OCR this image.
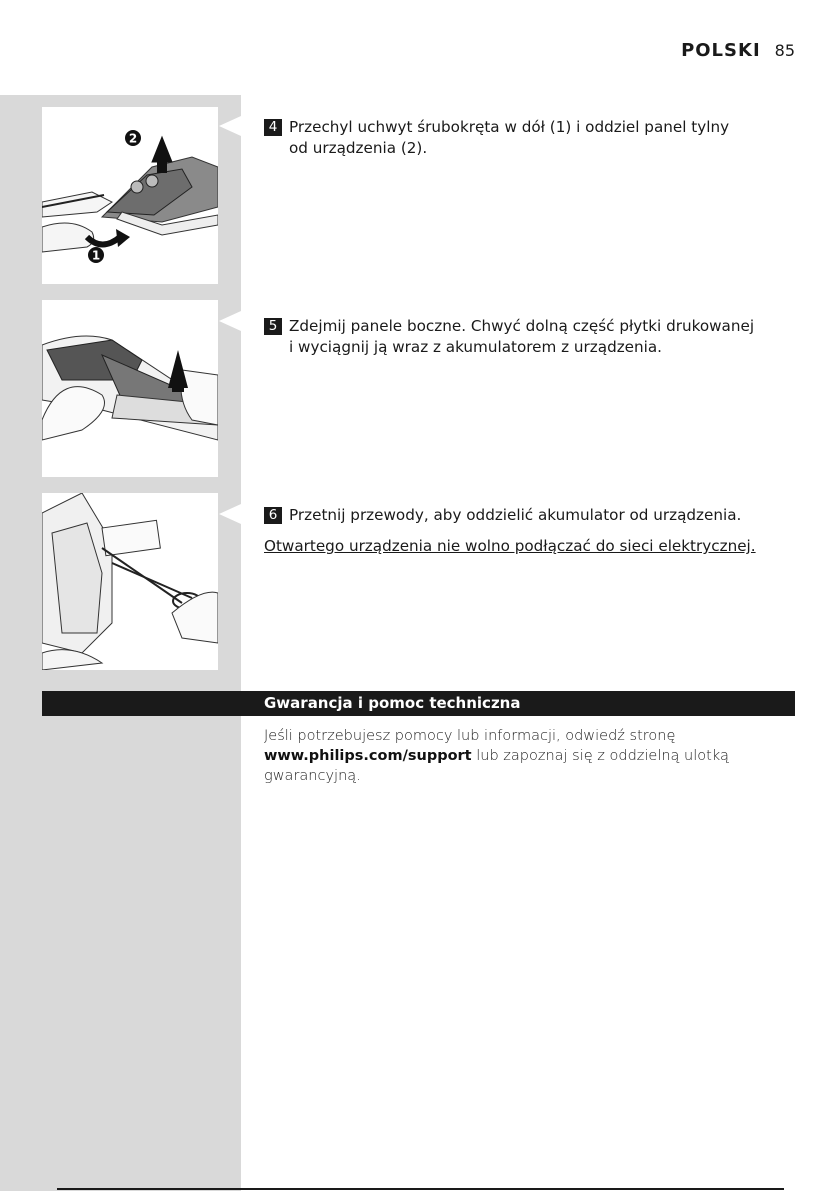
POLSKI 85
2
1
4 Przechyl uchwyt śrubokręta w dół (1) i oddziel panel tylny
od urządzenia (2).
5 Zdejmij panele boczne. Chwyć dolną część płytki drukowanej
i wyciągnij ją wraz z akumulatorem z urządzenia.
6 Przetnij przewody, aby oddzielić akumulator od urządzenia.
Otwartego urządzenia nie wolno podłączać do sieci elektrycznej.
Gwarancja i pomoc techniczna
Jeśli potrzebujesz pomocy lub informacji, odwiedź stronę
www.philips.com/support lub zapoznaj się z oddzielną ulotką gwarancyjną.
